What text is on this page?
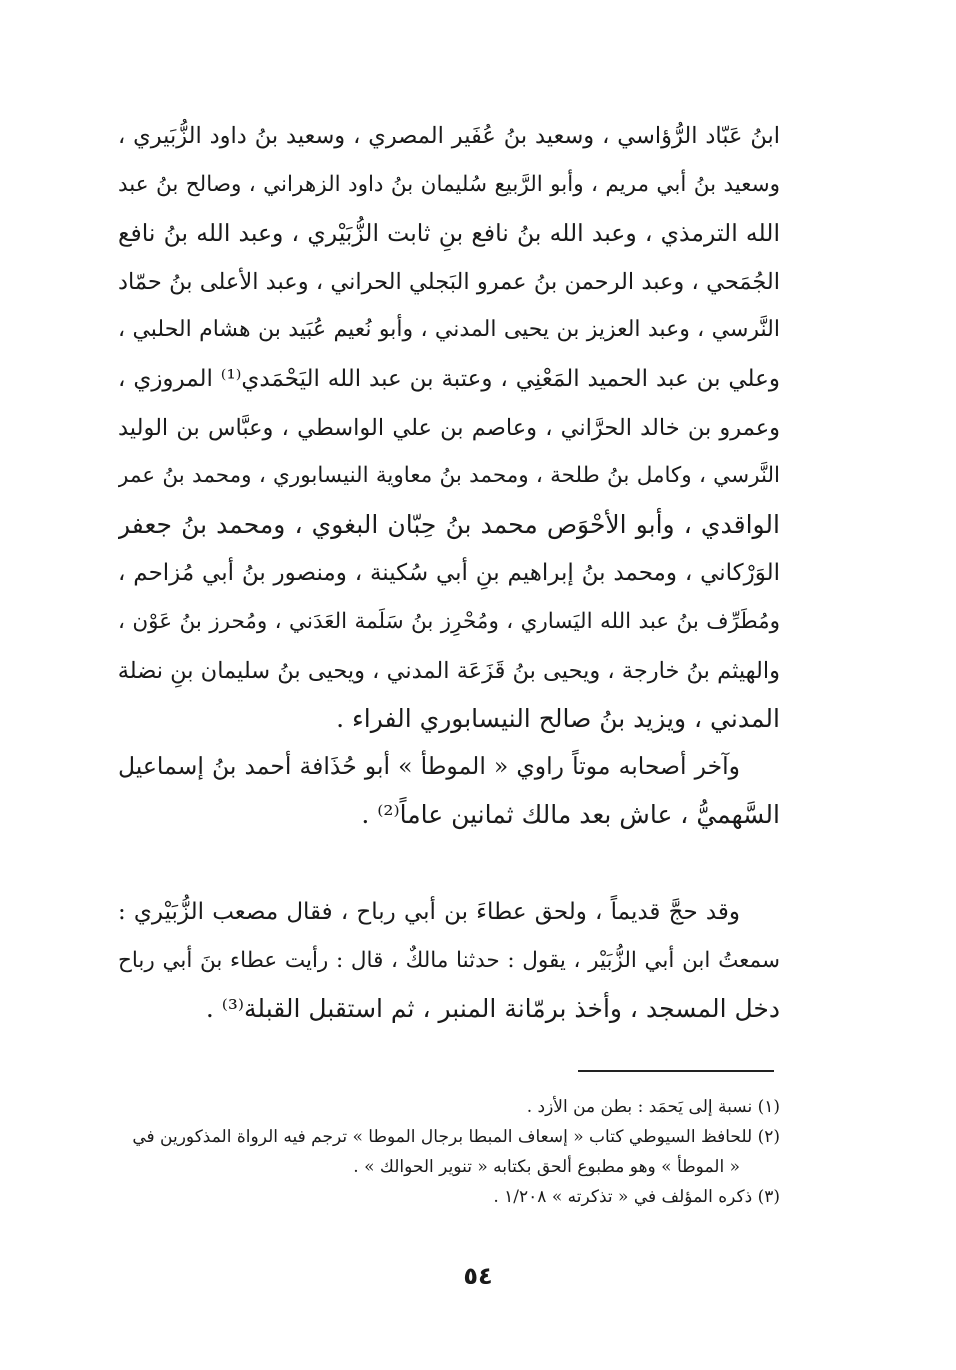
ابنُ عَبّاد الرُّؤاسي ، وسعيد بنُ عُفَير المصري ، وسعيد بنُ داود الزُّبَيري ،
وسعيد بنُ أبي مريم ، وأبو الرَّبيع سُليمان بنُ داود الزهراني ، وصالح بنُ عبد
الله الترمذي ، وعبد الله بنُ نافع بنِ ثابت الزُّبَيْري ، وعبد الله بنُ نافع
الجُمَحي ، وعبد الرحمن بنُ عمرو البَجلي الحراني ، وعبد الأعلى بنُ حمّاد
النَّرسي ، وعبد العزيز بن يحيى المدني ، وأبو نُعيم عُبَيد بن هشام الحلبي ،
وعلي بن عبد الحميد المَعْنِي ، وعتبة بن عبد الله اليَحْمَدي⁽¹⁾ المروزي ،
وعمرو بن خالد الحرَّاني ، وعاصم بن علي الواسطي ، وعبَّاس بن الوليد
النَّرسي ، وكامل بنُ طلحة ، ومحمد بنُ معاوية النيسابوري ، ومحمد بنُ عمر
الواقدي ، وأبو الأحْوَص محمد بنُ حِبّان البغوي ، ومحمد بنُ جعفر
الوَرْكاني ، ومحمد بنُ إبراهيم بنِ أبي سُكينة ، ومنصور بنُ أبي مُزاحم ،
ومُطَرِّف بنُ عبد الله اليَساري ، ومُحْرِز بنُ سَلَمة العَدَني ، ومُحرز بنُ عَوْن ،
والهيثم بنُ خارجة ، ويحيى بنُ قَزَعَة المدني ، ويحيى بنُ سليمان بنِ نضلة
المدني ، ويزيد بنُ صالح النيسابوري الفراء .
وآخر أصحابه موتاً راوي « الموطأ » أبو حُذَافة أحمد بنُ إسماعيل
السَّهميُّ ، عاش بعد مالك ثمانين عاماً⁽²⁾ .
وقد حجَّ قديماً ، ولحق عطاءَ بن أبي رباح ، فقال مصعب الزُّبَيْري :
سمعتُ ابن أبي الزُّبَيْر ، يقول : حدثنا مالكٌ ، قال : رأيت عطاء بنَ أبي رباح
دخل المسجد ، وأخذ برمّانة المنبر ، ثم استقبل القبلة⁽³⁾ .
(١) نسبة إلى يَحمَد : بطن من الأزد .
(٢) للحافظ السيوطي كتاب « إسعاف المبطا برجال الموطا » ترجم فيه الرواة المذكورين في
« الموطأ » وهو مطبوع ألحق بكتابه « تنوير الحوالك » .
(٣) ذكره المؤلف في « تذكرته » ١/٢٠٨ .
٥٤
